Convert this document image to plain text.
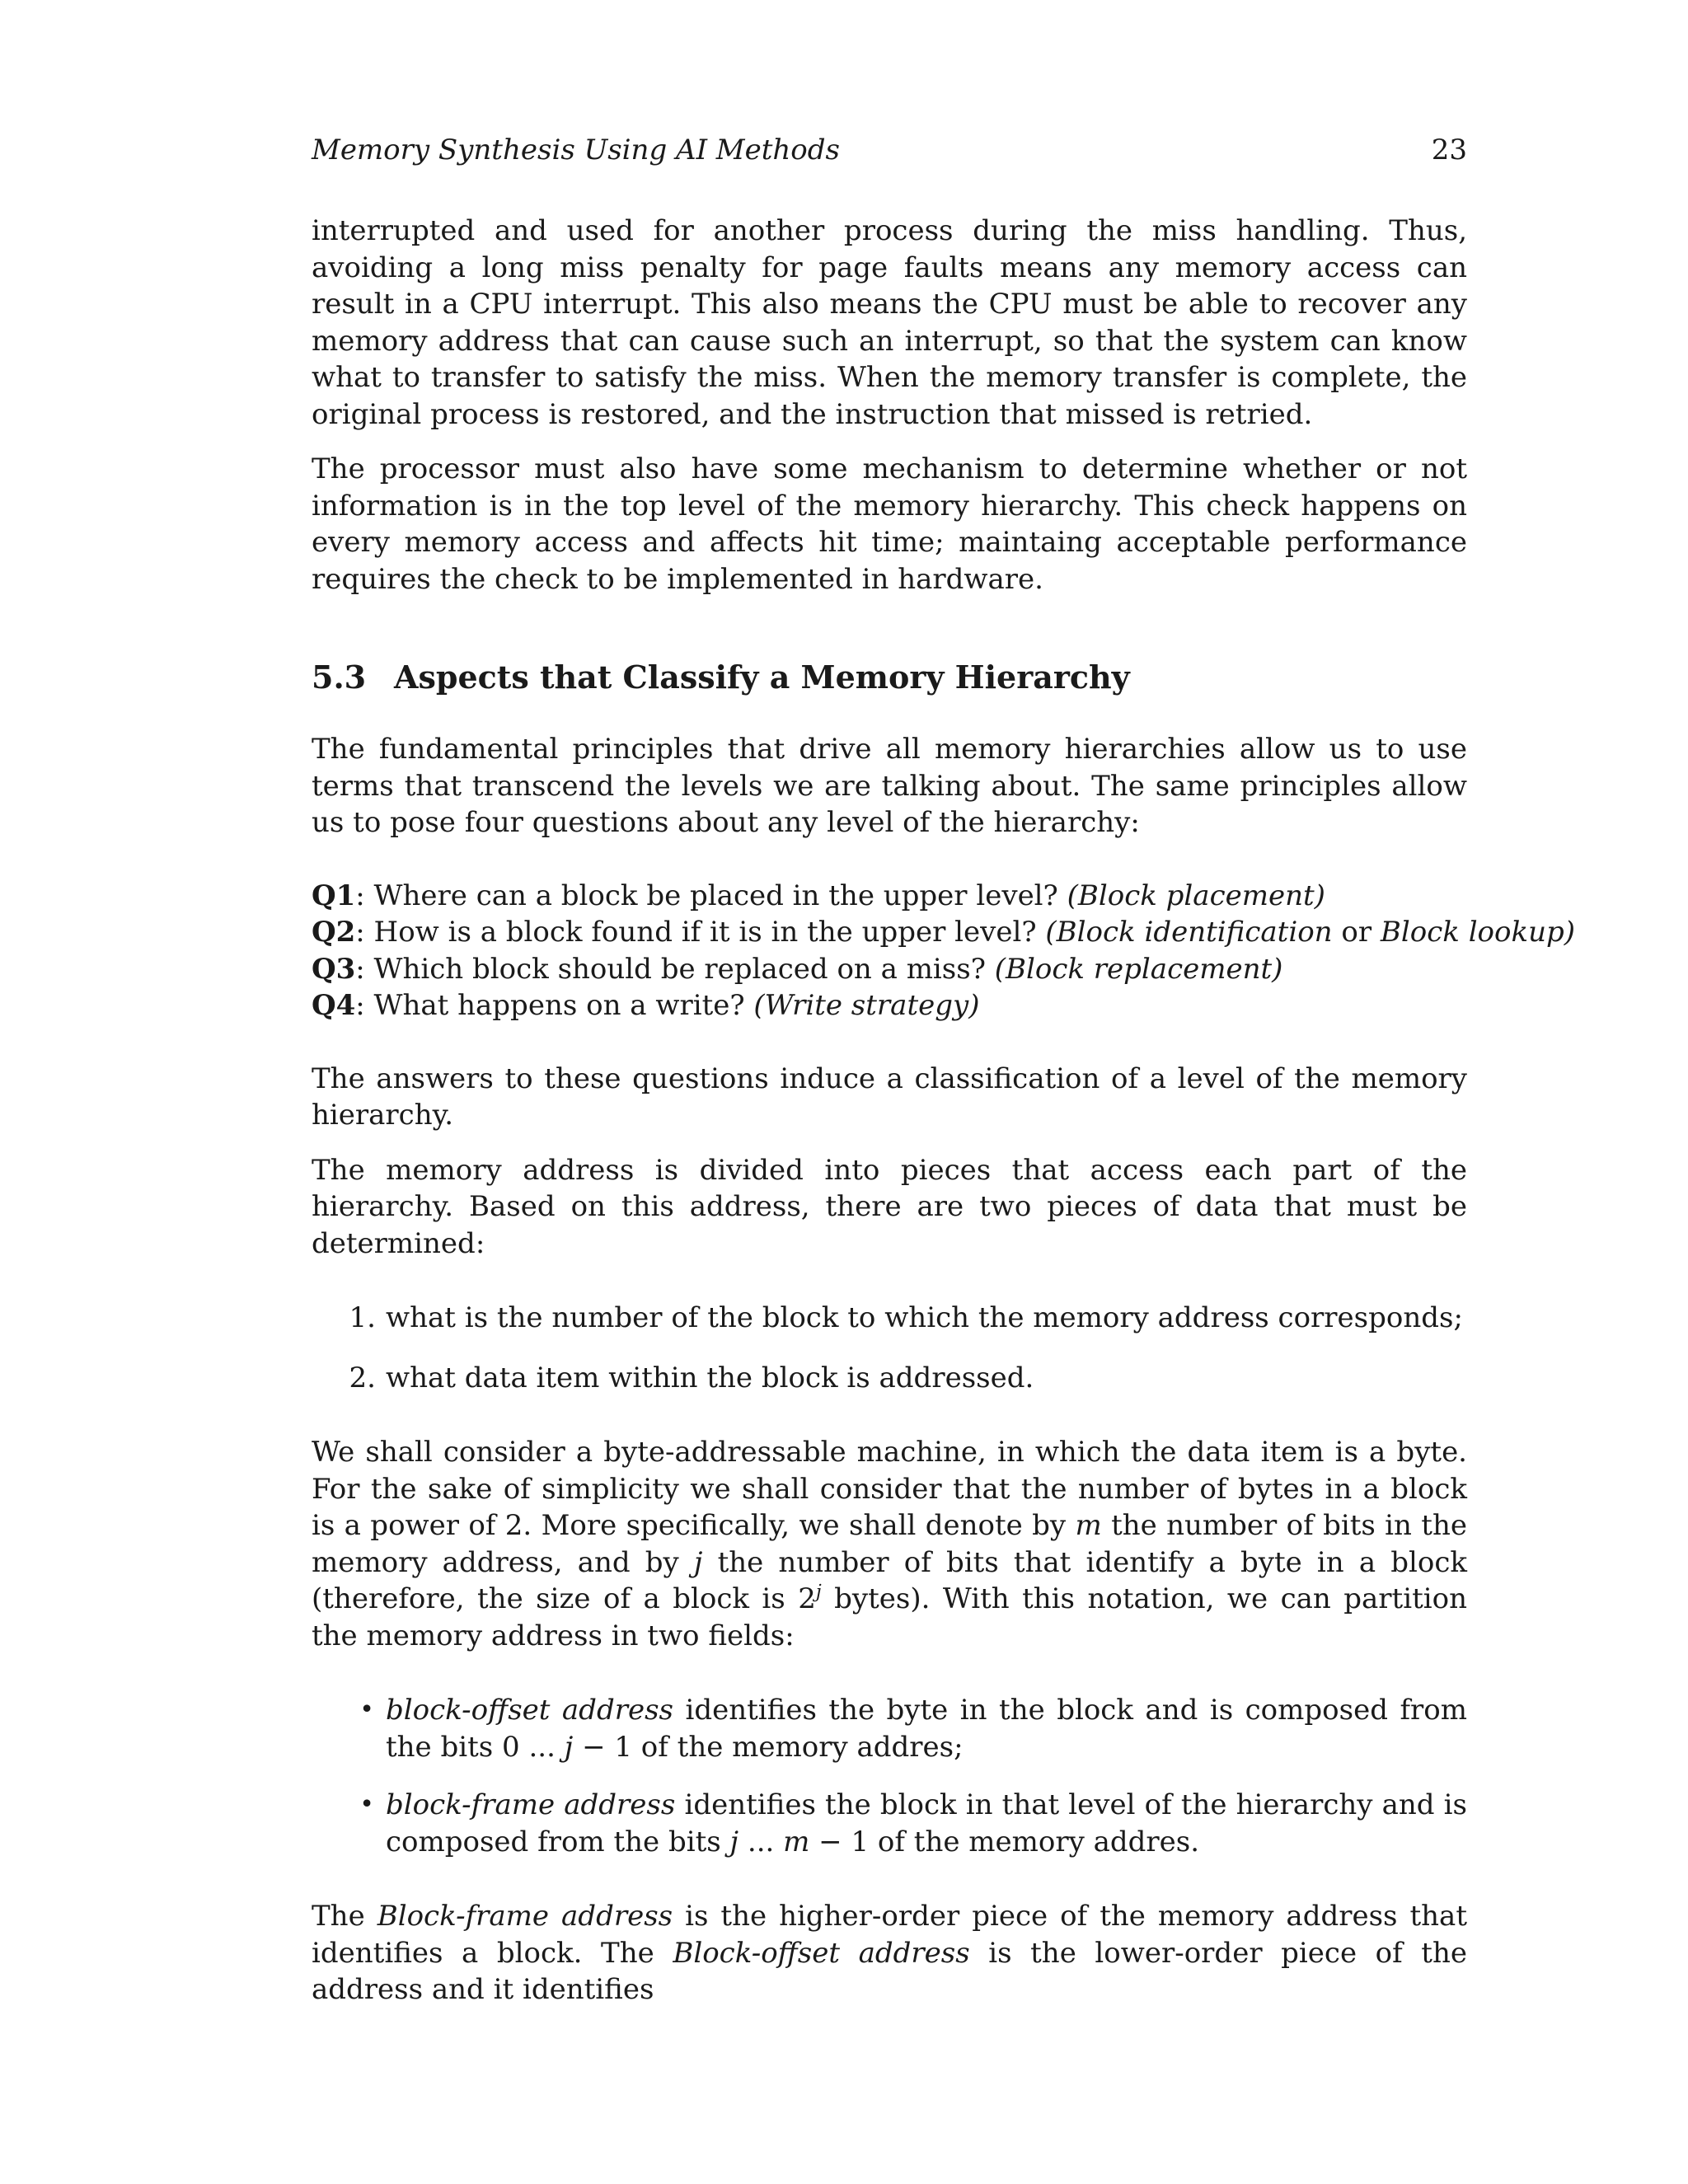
Memory Synthesis Using AI Methods	23

interrupted and used for another process during the miss handling. Thus, avoiding a long miss penalty for page faults means any memory access can result in a CPU interrupt. This also means the CPU must be able to recover any memory address that can cause such an interrupt, so that the system can know what to transfer to satisfy the miss. When the memory transfer is complete, the original process is restored, and the instruction that missed is retried.

The processor must also have some mechanism to determine whether or not information is in the top level of the memory hierarchy. This check happens on every memory access and affects hit time; maintaing acceptable performance requires the check to be implemented in hardware.

5.3 Aspects that Classify a Memory Hierarchy

The fundamental principles that drive all memory hierarchies allow us to use terms that transcend the levels we are talking about. The same principles allow us to pose four questions about any level of the hierarchy:

Q1: Where can a block be placed in the upper level? (Block placement)
Q2: How is a block found if it is in the upper level? (Block identification or Block lookup)
Q3: Which block should be replaced on a miss? (Block replacement)
Q4: What happens on a write? (Write strategy)

The answers to these questions induce a classification of a level of the memory hierarchy.

The memory address is divided into pieces that access each part of the hierarchy. Based on this address, there are two pieces of data that must be determined:

1. what is the number of the block to which the memory address corresponds;
2. what data item within the block is addressed.

We shall consider a byte-addressable machine, in which the data item is a byte. For the sake of simplicity we shall consider that the number of bytes in a block is a power of 2. More specifically, we shall denote by m the number of bits in the memory address, and by j the number of bits that identify a byte in a block (therefore, the size of a block is 2$^j$ bytes). With this notation, we can partition the memory address in two fields:

• block-offset address identifies the byte in the block and is composed from the bits 0 ... j − 1 of the memory addres;
• block-frame address identifies the block in that level of the hierarchy and is composed from the bits j ... m − 1 of the memory addres.

The Block-frame address is the higher-order piece of the memory address that identifies a block. The Block-offset address is the lower-order piece of the address and it identifies
